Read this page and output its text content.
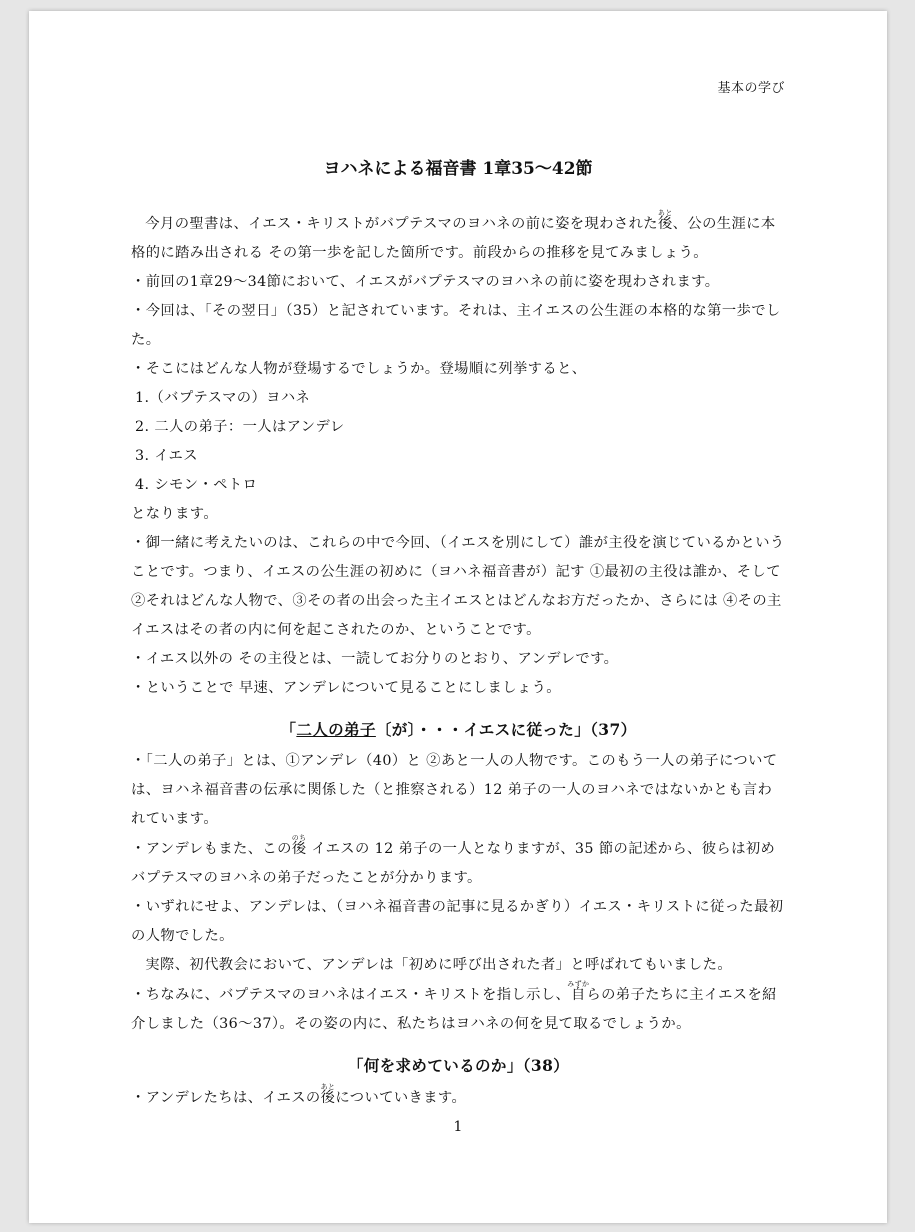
基本の学び
ヨハネによる福音書 1章35〜42節

今月の聖書は、イエス・キリストがバプテスマのヨハネの前に姿を現わされた後あと、公の生涯に本格的に踏み出される その第一歩を記した箇所です。前段からの推移を見てみましょう。

・前回の1章29〜34節において、イエスがバプテスマのヨハネの前に姿を現わされます。

・今回は、「その翌日」（35）と記されています。それは、主イエスの公生涯の本格的な第一歩でした。

・そこにはどんな人物が登場するでしょうか。登場順に列挙すると、

1.（バプテスマの）ヨハネ

2. 二人の弟子：一人はアンデレ

3. イエス

4. シモン・ペトロ

となります。

・御一緒に考えたいのは、これらの中で今回、（イエスを別にして）誰が主役を演じているかということです。つまり、イエスの公生涯の初めに（ヨハネ福音書が）記す ①最初の主役は誰か、そして ②それはどんな人物で、③その者の出会った主イエスとはどんなお方だったか、さらには ④その主イエスはその者の内に何を起こされたのか、ということです。

・イエス以外の その主役とは、一読してお分りのとおり、アンデレです。

・ということで 早速、アンデレについて見ることにしましょう。

「二人の弟子〔が〕・・・イエスに従った」（37）

・「二人の弟子」とは、①アンデレ（40）と ②あと一人の人物です。このもう一人の弟子については、ヨハネ福音書の伝承に関係した（と推察される）12 弟子の一人のヨハネではないかとも言われています。

・アンデレもまた、この後のち イエスの 12 弟子の一人となりますが、35 節の記述から、彼らは初めバプテスマのヨハネの弟子だったことが分かります。

・いずれにせよ、アンデレは、（ヨハネ福音書の記事に見るかぎり）イエス・キリストに従った最初の人物でした。

実際、初代教会において、アンデレは「初めに呼び出された者」と呼ばれてもいました。

・ちなみに、バプテスマのヨハネはイエス・キリストを指し示し、自みずからの弟子たちに主イエスを紹介しました（36〜37）。その姿の内に、私たちはヨハネの何を見て取るでしょうか。

「何を求めているのか」（38）

・アンデレたちは、イエスの後あとについていきます。

1
